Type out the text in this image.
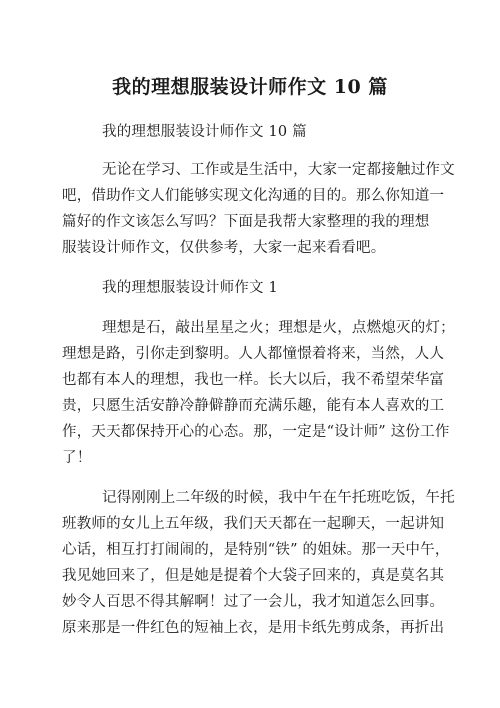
我的理想服装设计师作文 10 篇
我的理想服装设计师作文 10 篇
无论在学习、工作或是生活中，大家一定都接触过作文
吧，借助作文人们能够实现文化沟通的目的。那么你知道一
篇好的作文该怎么写吗？下面是我帮大家整理的我的理想
服装设计师作文，仅供参考，大家一起来看看吧。
我的理想服装设计师作文 1
理想是石，敲出星星之火；理想是火，点燃熄灭的灯；
理想是路，引你走到黎明。人人都憧憬着将来，当然，人人
也都有本人的理想，我也一样。长大以后，我不希望荣华富
贵，只愿生活安静冷静僻静而充满乐趣，能有本人喜欢的工
作，天天都保持开心的心态。那，一定是“设计师” 这份工作
了！
记得刚刚上二年级的时候，我中午在午托班吃饭，午托
班教师的女儿上五年级，我们天天都在一起聊天，一起讲知
心话，相互打打闹闹的，是特别“铁” 的姐妹。那一天中午，
我见她回来了，但是她是提着个大袋子回来的，真是莫名其
妙令人百思不得其解啊！过了一会儿，我才知道怎么回事。
原来那是一件红色的短袖上衣，是用卡纸先剪成条，再折出
